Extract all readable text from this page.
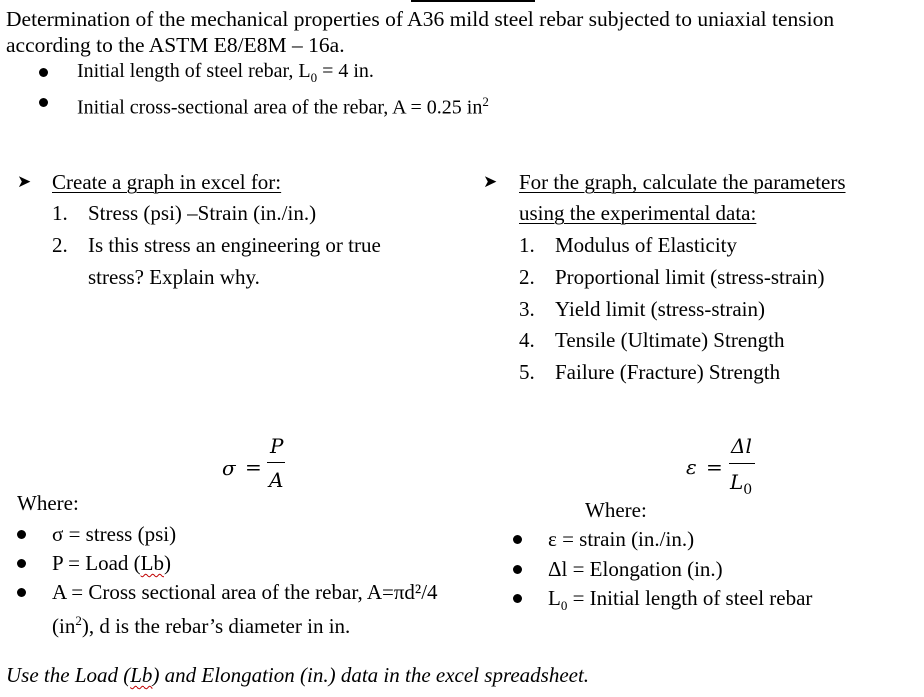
Determination of the mechanical properties of A36 mild steel rebar subjected to uniaxial tension
according to the ASTM E8/E8M – 16a.
Initial length of steel rebar, $L_0 = 4$ in.
Initial cross-sectional area of the rebar, A = 0.25 $in^2$
➤ Create a graph in excel for:
1. Stress (psi) –Strain (in./in.)
2. Is this stress an engineering or true
stress? Explain why.
➤ For the graph, calculate the parameters
using the experimental data:
1. Modulus of Elasticity
2. Proportional limit (stress-strain)
3. Yield limit (stress-strain)
4. Tensile (Ultimate) Strength
5. Failure (Fracture) Strength
σ =
P
A
ε =
Δl
$L_0$
Where:
σ = stress (psi)
P = Load (Lb)
A = Cross sectional area of the rebar, A=πd²/4
$(in^2)$, d is the rebar’s diameter in in.
Where:
ε = strain (in./in.)
Δl = Elongation (in.)
$L_0$ = Initial length of steel rebar
Use the Load (Lb) and Elongation (in.) data in the excel spreadsheet.
